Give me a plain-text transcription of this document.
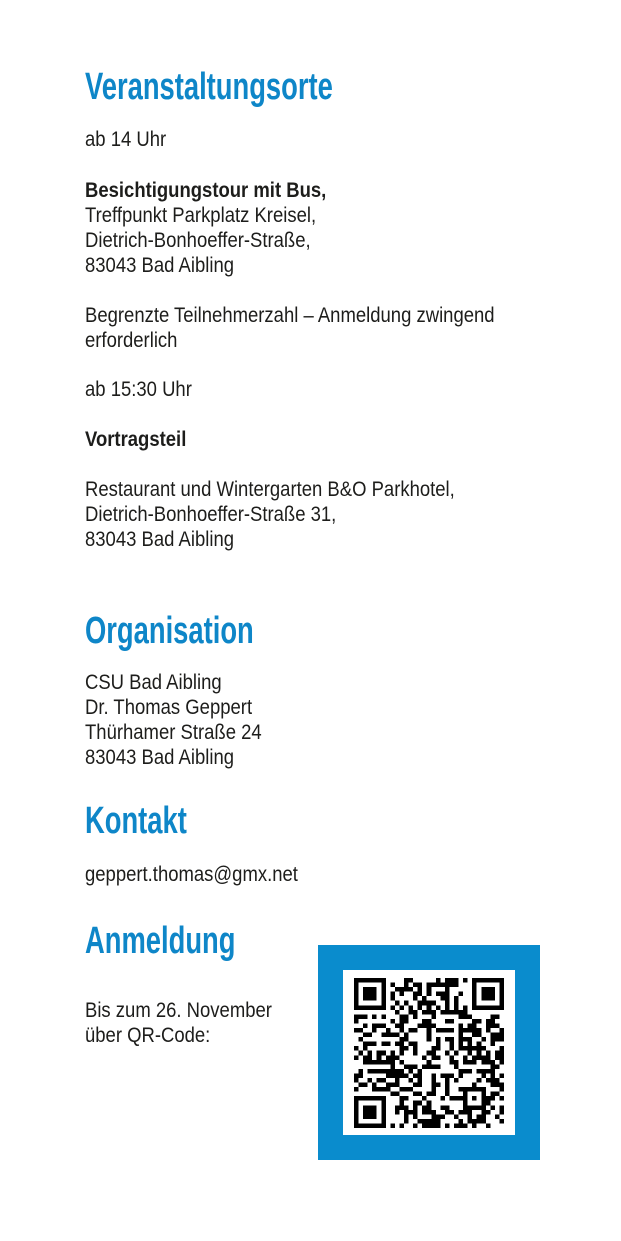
Veranstaltungsorte
ab 14 Uhr
Besichtigungstour mit Bus,
Treffpunkt Parkplatz Kreisel,
Dietrich-Bonhoeffer-Straße,
83043 Bad Aibling
Begrenzte Teilnehmerzahl – Anmeldung zwingend
erforderlich
ab 15:30 Uhr
Vortragsteil
Restaurant und Wintergarten B&O Parkhotel,
Dietrich-Bonhoeffer-Straße 31,
83043 Bad Aibling
Organisation
CSU Bad Aibling
Dr. Thomas Geppert
Thürhamer Straße 24
83043 Bad Aibling
Kontakt
geppert.thomas@gmx.net
Anmeldung
Bis zum 26. November
über QR-Code:
